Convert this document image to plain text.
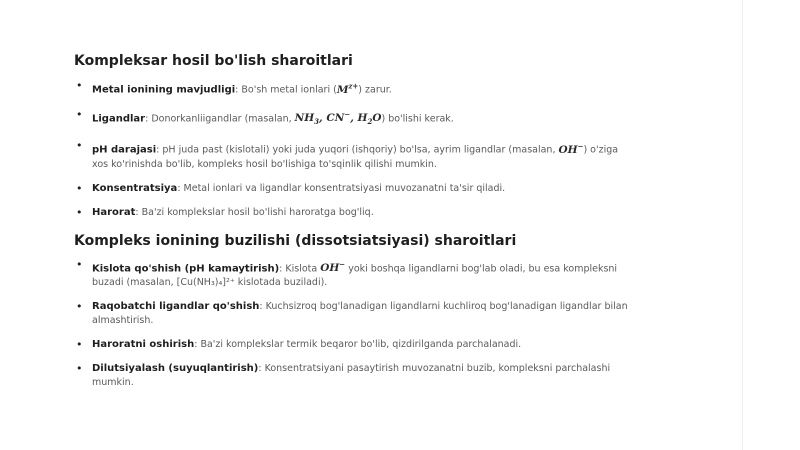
Kompleksar hosil bo'lish sharoitlari
• Metal ionining mavjudligi: Bo'sh metal ionlari $(M^{z+})$ zarur.
• Ligandlar: Donorkanliigandlar (masalan, $NH_3$, CN−, $H_2O$) bo'lishi kerak.
• pH darajasi: pH juda past (kislotali) yoki juda yuqori (ishqoriy) bo'lsa, ayrim ligandlar (masalan, OH−) o'ziga xos ko'rinishda bo'lib, kompleks hosil bo'lishiga to'sqinlik qilishi mumkin.
• Konsentratsiya: Metal ionlari va ligandlar konsentratsiyasi muvozanatni ta'sir qiladi.
• Harorat: Ba'zi komplekslar hosil bo'lishi haroratga bog'liq.
Kompleks ionining buzilishi (dissotsiatsiyasi) sharoitlari
• Kislota qo'shish (pH kamaytirish): Kislota OH− yoki boshqa ligandlarni bog'lab oladi, bu esa kompleksni buzadi (masalan, [Cu(NH₃)₄]²⁺ kislotada buziladi).
• Raqobatchi ligandlar qo'shish: Kuchsizroq bog'lanadigan ligandlarni kuchliroq bog'lanadigan ligandlar bilan almashtirish.
• Haroratni oshirish: Ba'zi komplekslar termik beqaror bo'lib, qizdirilganda parchalanadi.
• Dilutsiyalash (suyuqlantirish): Konsentratsiyani pasaytirish muvozanatni buzib, kompleksni parchalashi mumkin.
